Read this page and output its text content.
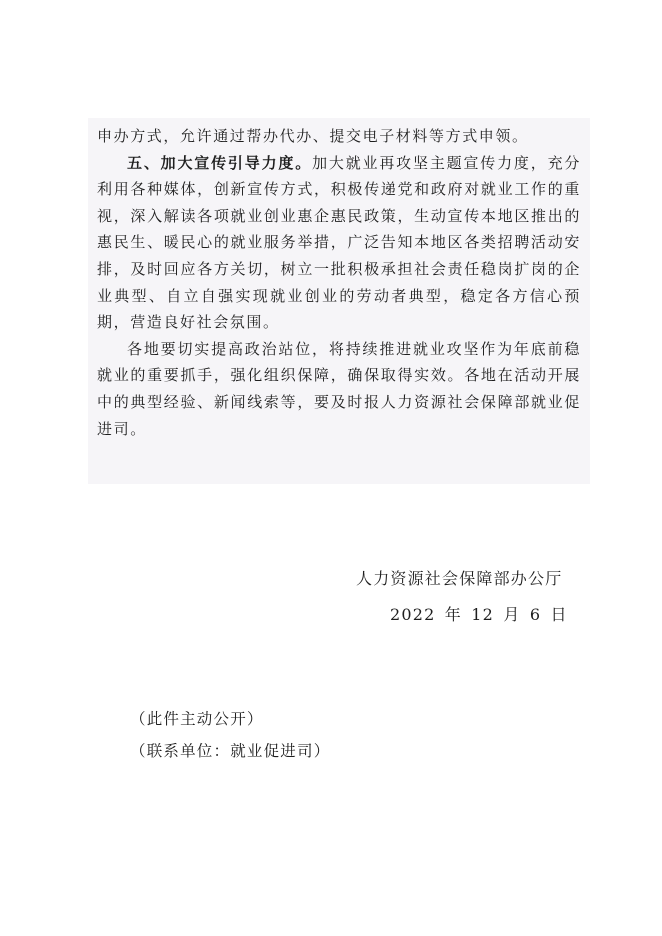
申办方式，允许通过帮办代办、提交电子材料等方式申领。

五、加大宣传引导力度。加大就业再攻坚主题宣传力度，充分利用各种媒体，创新宣传方式，积极传递党和政府对就业工作的重视，深入解读各项就业创业惠企惠民政策，生动宣传本地区推出的惠民生、暖民心的就业服务举措，广泛告知本地区各类招聘活动安排，及时回应各方关切，树立一批积极承担社会责任稳岗扩岗的企业典型、自立自强实现就业创业的劳动者典型，稳定各方信心预期，营造良好社会氛围。

各地要切实提高政治站位，将持续推进就业攻坚作为年底前稳就业的重要抓手，强化组织保障，确保取得实效。各地在活动开展中的典型经验、新闻线索等，要及时报人力资源社会保障部就业促进司。

人力资源社会保障部办公厅
2022 年 12 月 6 日
（此件主动公开）
（联系单位：就业促进司）
